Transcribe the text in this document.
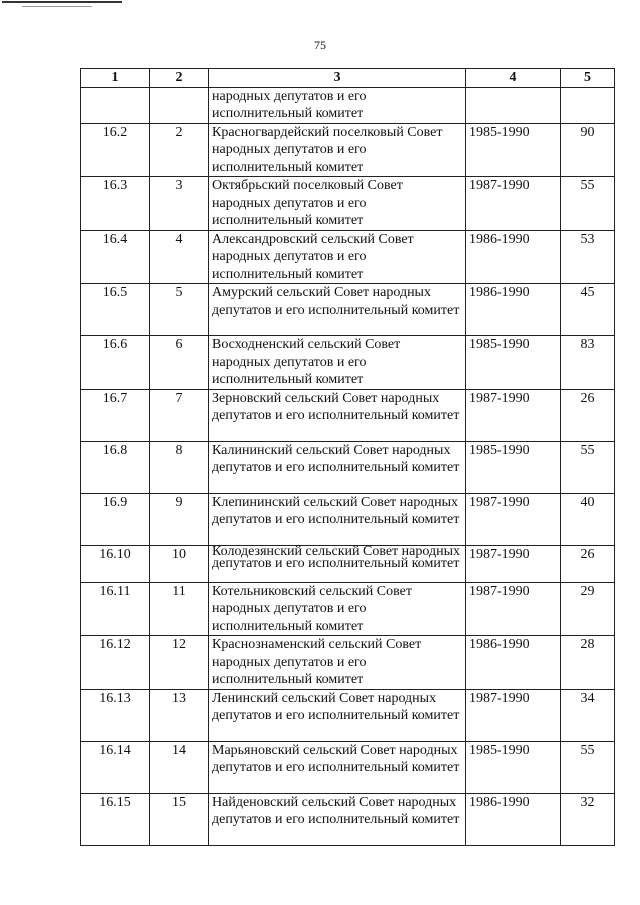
75
1	2	3	4	5
		народных депутатов и его исполнительный комитет		
16.2	2	Красногвардейский поселковый Совет народных депутатов и его исполнительный комитет	1985-1990	90
16.3	3	Октябрьский поселковый Совет народных депутатов и его исполнительный комитет	1987-1990	55
16.4	4	Александровский сельский Совет народных депутатов и его исполнительный комитет	1986-1990	53
16.5	5	Амурский сельский Совет народных депутатов и его исполнительный комитет	1986-1990	45
16.6	6	Восходненский сельский Совет народных депутатов и его исполнительный комитет	1985-1990	83
16.7	7	Зерновский сельский Совет народных депутатов и его исполнительный комитет	1987-1990	26
16.8	8	Калининский сельский Совет народных депутатов и его исполнительный комитет	1985-1990	55
16.9	9	Клепининский сельский Совет народных депутатов и его исполнительный комитет	1987-1990	40
16.10	10	Колодезянский сельский Совет народных депутатов и его исполнительный комитет	1987-1990	26
16.11	11	Котельниковский сельский Совет народных депутатов и его исполнительный комитет	1987-1990	29
16.12	12	Краснознаменский сельский Совет народных депутатов и его исполнительный комитет	1986-1990	28
16.13	13	Ленинский сельский Совет народных депутатов и его исполнительный комитет	1987-1990	34
16.14	14	Марьяновский сельский Совет народных депутатов и его исполнительный комитет	1985-1990	55
16.15	15	Найденовский сельский Совет народных депутатов и его исполнительный комитет	1986-1990	32
